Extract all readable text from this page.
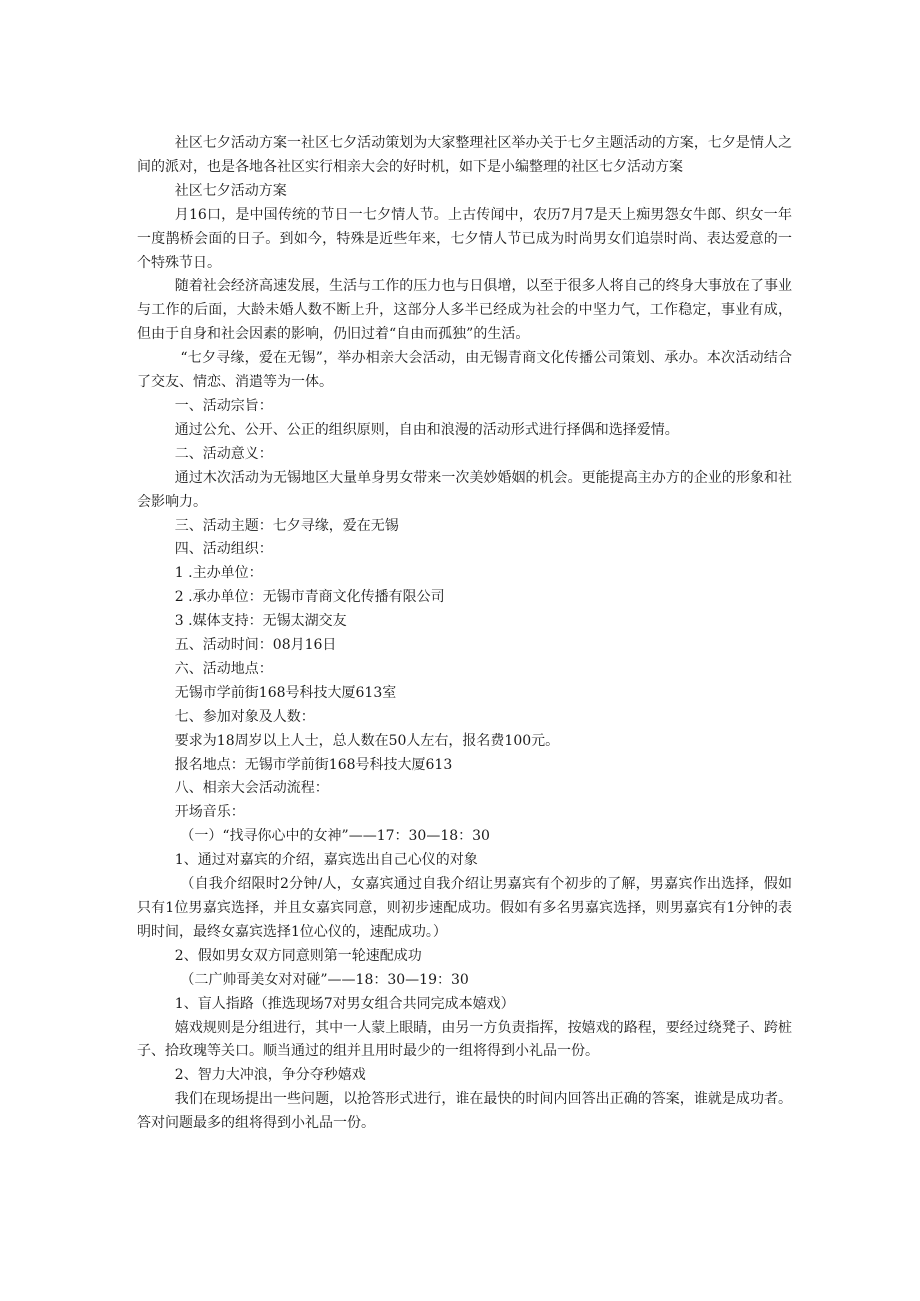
社区七夕活动方案一社区七夕活动策划为大家整理社区举办关于七夕主题活动的方案，七夕是情人之间的派对，也是各地各社区实行相亲大会的好时机，如下是小编整理的社区七夕活动方案

社区七夕活动方案

月16口，是中国传统的节日一七夕情人节。上古传闻中，农历7月7是天上痴男怨女牛郎、织女一年一度鹊桥会面的日子。到如今，特殊是近些年来，七夕情人节已成为时尚男女们追崇时尚、表达爱意的一个特殊节日。

随着社会经济高速发展，生活与工作的压力也与日俱增，以至于很多人将自己的终身大事放在了事业与工作的后面，大龄未婚人数不断上升，这部分人多半已经成为社会的中坚力气，工作稳定，事业有成，但由于自身和社会因素的影响，仍旧过着“自由而孤独”的生活。

“七夕寻缘，爱在无锡”，举办相亲大会活动，由无锡青商文化传播公司策划、承办。本次活动结合了交友、情恋、消遣等为一体。

一、活动宗旨：

通过公允、公开、公正的组织原则，自由和浪漫的活动形式进行择偶和选择爱情。

二、活动意义：

通过木次活动为无锡地区大量单身男女带来一次美妙婚姻的机会。更能提高主办方的企业的形象和社会影响力。

三、活动主题：七夕寻缘，爱在无锡

四、活动组织：

1 .主办单位：

2 .承办单位：无锡市青商文化传播有限公司

3 .媒体支持：无锡太湖交友

五、活动时间：08月16日

六、活动地点：

无锡市学前街168号科技大厦613室

七、参加对象及人数：

要求为18周岁以上人士，总人数在50人左右，报名费100元。

报名地点：无锡市学前街168号科技大厦613

八、相亲大会活动流程：

开场音乐：

（一）“找寻你心中的女神”——17：30—18：30

1、通过对嘉宾的介绍，嘉宾选出自己心仪的对象

（自我介绍限时2分钟/人，女嘉宾通过自我介绍让男嘉宾有个初步的了解，男嘉宾作出选择，假如只有1位男嘉宾选择，并且女嘉宾同意，则初步速配成功。假如有多名男嘉宾选择，则男嘉宾有1分钟的表明时间，最终女嘉宾选择1位心仪的，速配成功。）

2、假如男女双方同意则第一轮速配成功

（二广帅哥美女对对碰”——18：30—19：30

1、盲人指路（推选现场7对男女组合共同完成本嬉戏）

嬉戏规则是分组进行，其中一人蒙上眼睛，由另一方负责指挥，按嬉戏的路程，要经过绕凳子、跨桩子、拾玫瑰等关口。顺当通过的组并且用时最少的一组将得到小礼品一份。

2、智力大冲浪，争分夺秒嬉戏

我们在现场提出一些问题，以抢答形式进行，谁在最快的时间内回答出正确的答案，谁就是成功者。答对问题最多的组将得到小礼品一份。
